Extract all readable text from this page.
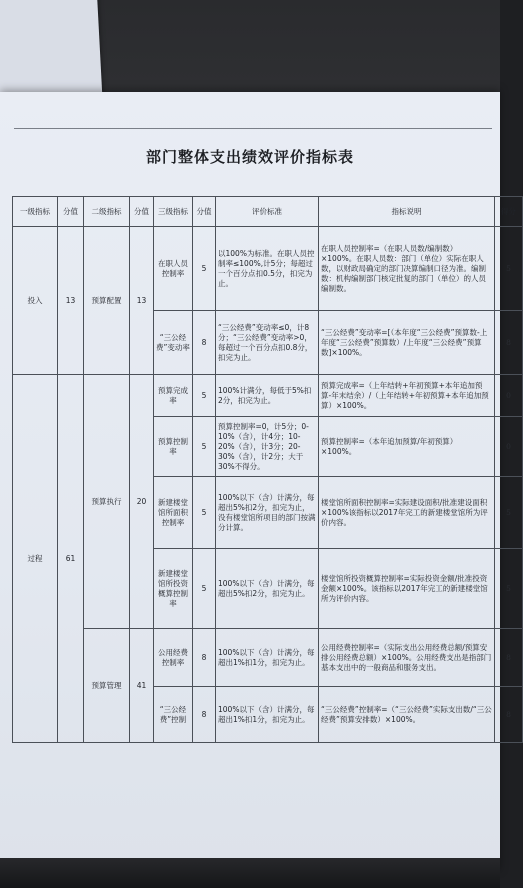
部门整体支出绩效评价指标表
一级指标	分值	二级指标	分值	三级指标	分值	评价标准	指标说明	得分
投入	13	预算配置	13	在职人员控制率	5	以100%为标准。在职人员控制率≤100%,计5分；每超过一个百分点扣0.5分，扣完为止。	在职人员控制率=（在职人员数/编制数）×100%。在职人员数：部门（单位）实际在职人数，以财政局确定的部门决算编制口径为准。编制数：机构编制部门核定批复的部门（单位）的人员编制数。	5
				“三公经费”变动率	8	“三公经费”变动率≤0，计8分；“三公经费”变动率>0，每超过一个百分点扣0.8分，扣完为止。	“三公经费”变动率=[（本年度“三公经费”预算数-上年度“三公经费”预算数）/上年度“三公经费”预算数]×100%。	8
过程	61	预算执行	20	预算完成率	5	100%计满分，每低于5%扣2分，扣完为止。	预算完成率=（上年结转+年初预算+本年追加预算-年末结余）/（上年结转+年初预算+本年追加预算）×100%。	0
				预算控制率	5	预算控制率=0，计5分；0-10%（含），计4分；10-20%（含），计3分；20-30%（含），计2分；大于30%不得分。	预算控制率=（本年追加预算/年初预算）×100%。	0
				新建楼堂馆所面积控制率	5	100%以下（含）计满分，每超出5%扣2分，扣完为止，没有楼堂馆所项目的部门按满分计算。	楼堂馆所面积控制率=实际建设面积/批准建设面积×100%该指标以2017年完工的新建楼堂馆所为评价内容。	5
				新建楼堂馆所投资概算控制率	5	100%以下（含）计满分，每超出5%扣2分，扣完为止。	楼堂馆所投资概算控制率=实际投资金额/批准投资金额×100%。该指标以2017年完工的新建楼堂馆所为评价内容。	5
		预算管理	41	公用经费控制率	8	100%以下（含）计满分，每超出1%扣1分，扣完为止。	公用经费控制率=（实际支出公用经费总额/预算安排公用经费总额）×100%。公用经费支出是指部门基本支出中的一般商品和服务支出。	8
				“三公经费”控制	8	100%以下（含）计满分，每超出1%扣1分，扣完为止。	“三公经费”控制率=（“三公经费”实际支出数/“三公经费”预算安排数）×100%。	8
